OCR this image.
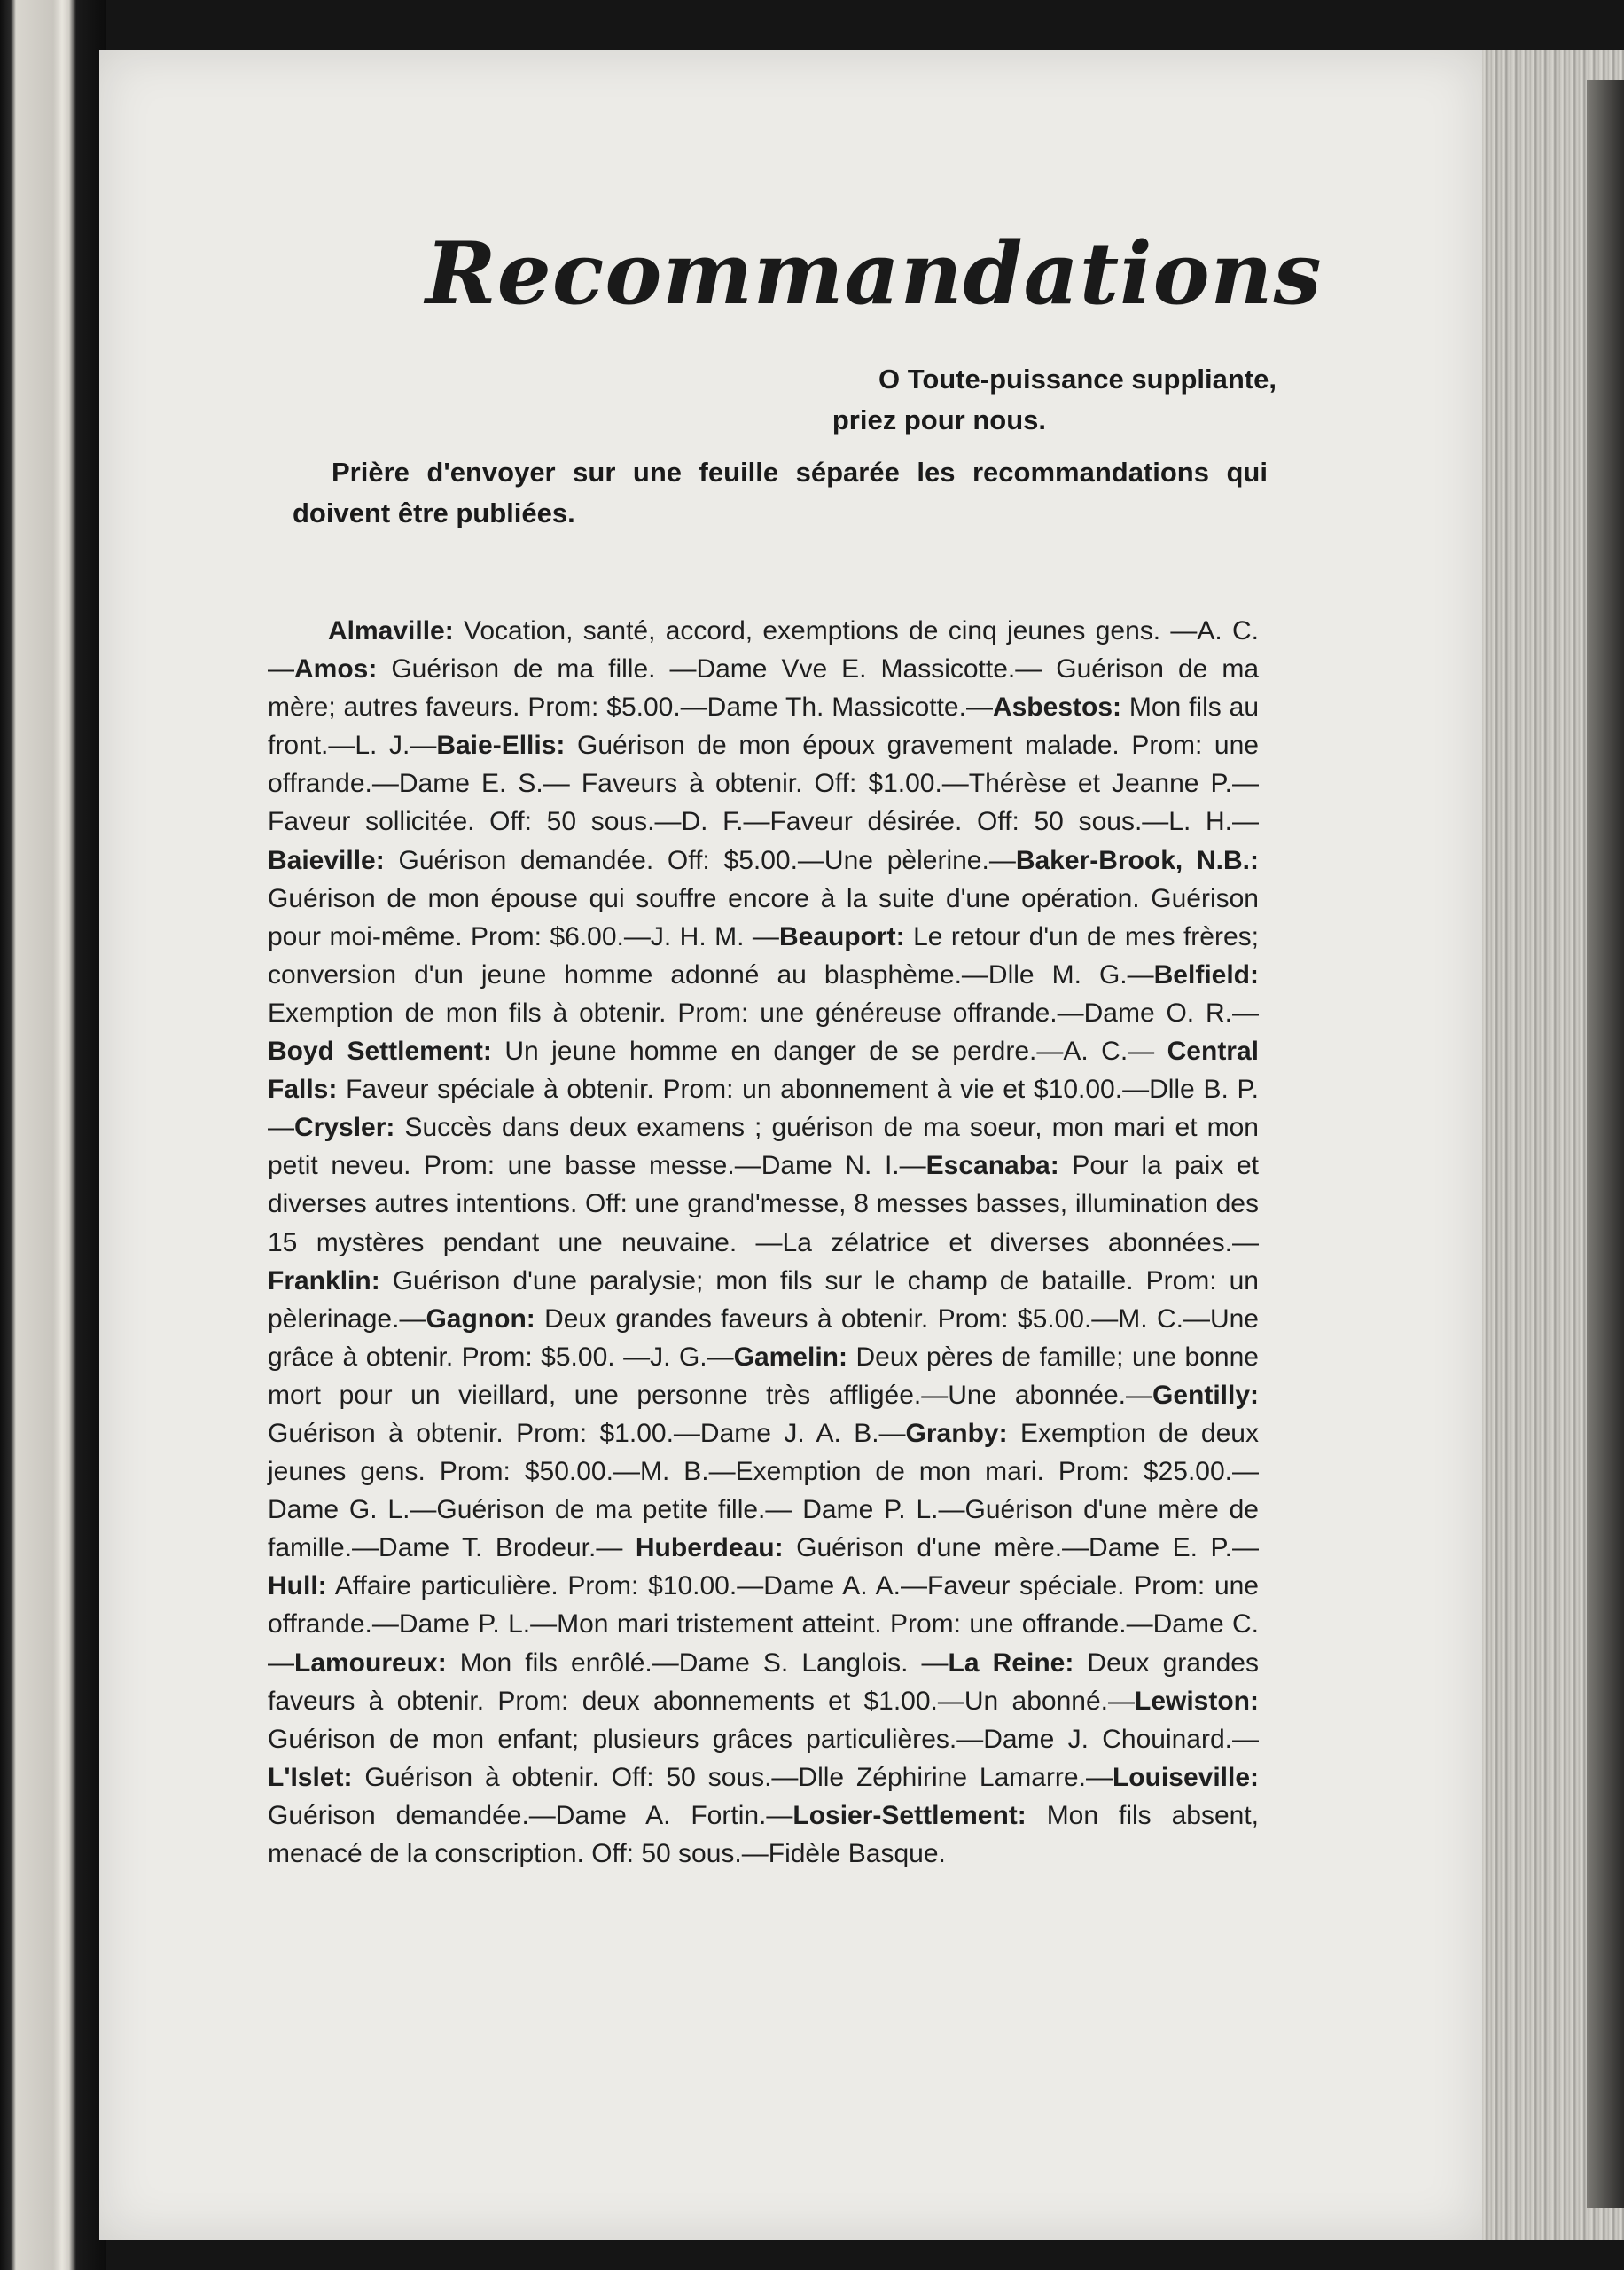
Recommandations
O Toute-puissance suppliante,
priez pour nous.
Prière d'envoyer sur une feuille séparée les recommandations qui doivent être publiées.
Almaville: Vocation, santé, accord, exemptions de cinq jeunes gens. —A. C.—Amos: Guérison de ma fille. —Dame Vve E. Massicotte.— Guérison de ma mère; autres faveurs. Prom: $5.00.—Dame Th. Massicotte.—Asbestos: Mon fils au front.—L. J.—Baie-Ellis: Guérison de mon époux gravement malade. Prom: une offrande.—Dame E. S.— Faveurs à obtenir. Off: $1.00.—Thérèse et Jeanne P.—Faveur sollicitée. Off: 50 sous.—D. F.—Faveur désirée. Off: 50 sous.—L. H.— Baieville: Guérison demandée. Off: $5.00.—Une pèlerine.—Baker-Brook, N.B.: Guérison de mon épouse qui souffre encore à la suite d'une opération. Guérison pour moi-même. Prom: $6.00.—J. H. M. —Beauport: Le retour d'un de mes frères; conversion d'un jeune homme adonné au blasphème.—Dlle M. G.—Belfield: Exemption de mon fils à obtenir. Prom: une généreuse offrande.—Dame O. R.— Boyd Settlement: Un jeune homme en danger de se perdre.—A. C.— Central Falls: Faveur spéciale à obtenir. Prom: un abonnement à vie et $10.00.—Dlle B. P.—Crysler: Succès dans deux examens ; guérison de ma soeur, mon mari et mon petit neveu. Prom: une basse messe.—Dame N. I.—Escanaba: Pour la paix et diverses autres intentions. Off: une grand'messe, 8 messes basses, illumination des 15 mystères pendant une neuvaine. —La zélatrice et diverses abonnées.—Franklin: Guérison d'une paralysie; mon fils sur le champ de bataille. Prom: un pèlerinage.—Gagnon: Deux grandes faveurs à obtenir. Prom: $5.00.—M. C.—Une grâce à obtenir. Prom: $5.00. —J. G.—Gamelin: Deux pères de famille; une bonne mort pour un vieillard, une personne très affligée.—Une abonnée.—Gentilly: Guérison à obtenir. Prom: $1.00.—Dame J. A. B.—Granby: Exemption de deux jeunes gens. Prom: $50.00.—M. B.—Exemption de mon mari. Prom: $25.00.—Dame G. L.—Guérison de ma petite fille.— Dame P. L.—Guérison d'une mère de famille.—Dame T. Brodeur.— Huberdeau: Guérison d'une mère.—Dame E. P.—Hull: Affaire particulière. Prom: $10.00.—Dame A. A.—Faveur spéciale. Prom: une offrande.—Dame P. L.—Mon mari tristement atteint. Prom: une offrande.—Dame C.—Lamoureux: Mon fils enrôlé.—Dame S. Langlois. —La Reine: Deux grandes faveurs à obtenir. Prom: deux abonnements et $1.00.—Un abonné.—Lewiston: Guérison de mon enfant; plusieurs grâces particulières.—Dame J. Chouinard.—L'Islet: Guérison à obtenir. Off: 50 sous.—Dlle Zéphirine Lamarre.—Louiseville: Guérison demandée.—Dame A. Fortin.—Losier-Settlement: Mon fils absent, menacé de la conscription. Off: 50 sous.—Fidèle Basque.
